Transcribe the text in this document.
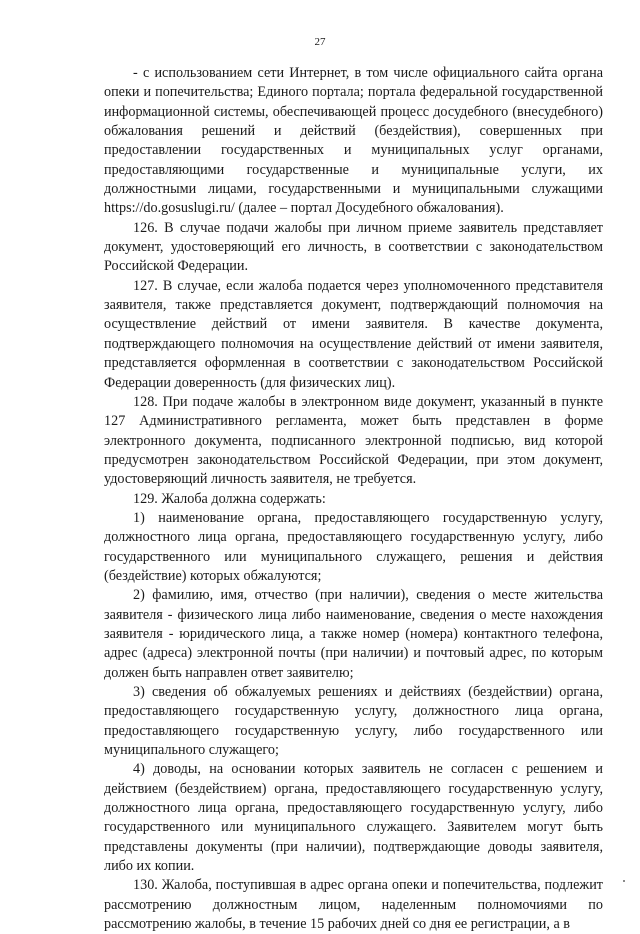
27

- с использованием сети Интернет, в том числе официального сайта органа опеки и попечительства; Единого портала; портала федеральной государственной информационной системы, обеспечивающей процесс досудебного (внесудебного) обжалования решений и действий (бездействия), совершенных при предоставлении государственных и муниципальных услуг органами, предоставляющими государственные и муниципальные услуги, их должностными лицами, государственными и муниципальными служащими https://do.gosuslugi.ru/ (далее – портал Досудебного обжалования).

126. В случае подачи жалобы при личном приеме заявитель представляет документ, удостоверяющий его личность, в соответствии с законодательством Российской Федерации.

127. В случае, если жалоба подается через уполномоченного представителя заявителя, также представляется документ, подтверждающий полномочия на осуществление действий от имени заявителя. В качестве документа, подтверждающего полномочия на осуществление действий от имени заявителя, представляется оформленная в соответствии с законодательством Российской Федерации доверенность (для физических лиц).

128. При подаче жалобы в электронном виде документ, указанный в пункте 127 Административного регламента, может быть представлен в форме электронного документа, подписанного электронной подписью, вид которой предусмотрен законодательством Российской Федерации, при этом документ, удостоверяющий личность заявителя, не требуется.

129. Жалоба должна содержать:

1) наименование органа, предоставляющего государственную услугу, должностного лица органа, предоставляющего государственную услугу, либо государственного или муниципального служащего, решения и действия (бездействие) которых обжалуются;

2) фамилию, имя, отчество (при наличии), сведения о месте жительства заявителя - физического лица либо наименование, сведения о месте нахождения заявителя - юридического лица, а также номер (номера) контактного телефона, адрес (адреса) электронной почты (при наличии) и почтовый адрес, по которым должен быть направлен ответ заявителю;

3) сведения об обжалуемых решениях и действиях (бездействии) органа, предоставляющего государственную услугу, должностного лица органа, предоставляющего государственную услугу, либо государственного или муниципального служащего;

4) доводы, на основании которых заявитель не согласен с решением и действием (бездействием) органа, предоставляющего государственную услугу, должностного лица органа, предоставляющего государственную услугу, либо государственного или муниципального служащего. Заявителем могут быть представлены документы (при наличии), подтверждающие доводы заявителя, либо их копии.

130. Жалоба, поступившая в адрес органа опеки и попечительства, подлежит рассмотрению должностным лицом, наделенным полномочиями по рассмотрению жалобы, в течение 15 рабочих дней со дня ее регистрации, а в
